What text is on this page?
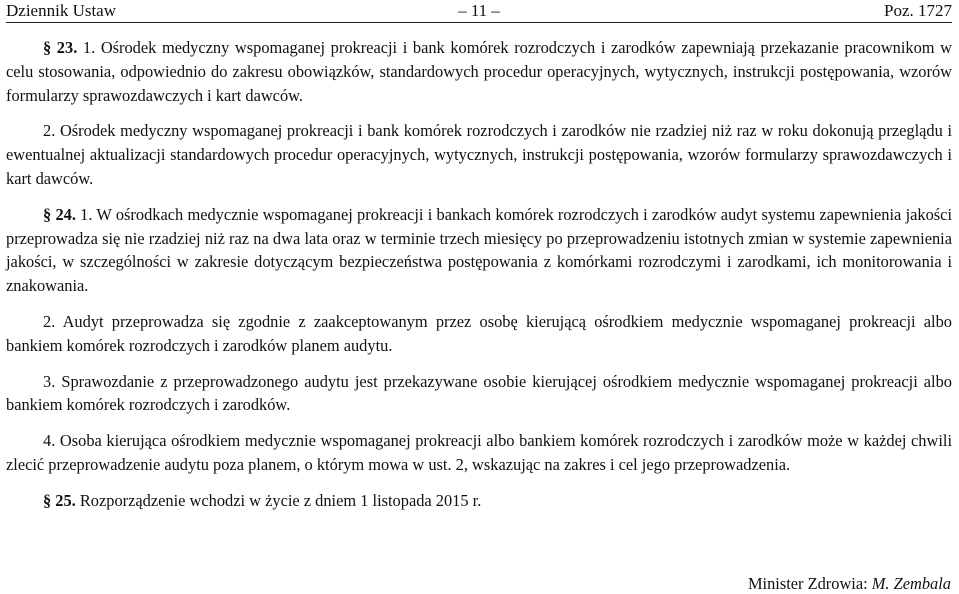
Dziennik Ustaw	– 11 –	Poz. 1727

§ 23. 1. Ośrodek medyczny wspomaganej prokreacji i bank komórek rozrodczych i zarodków zapewniają przekazanie pracownikom w celu stosowania, odpowiednio do zakresu obowiązków, standardowych procedur operacyjnych, wytycznych, instrukcji postępowania, wzorów formularzy sprawozdawczych i kart dawców.

2. Ośrodek medyczny wspomaganej prokreacji i bank komórek rozrodczych i zarodków nie rzadziej niż raz w roku dokonują przeglądu i ewentualnej aktualizacji standardowych procedur operacyjnych, wytycznych, instrukcji postępowania, wzorów formularzy sprawozdawczych i kart dawców.

§ 24. 1. W ośrodkach medycznie wspomaganej prokreacji i bankach komórek rozrodczych i zarodków audyt systemu zapewnienia jakości przeprowadza się nie rzadziej niż raz na dwa lata oraz w terminie trzech miesięcy po przeprowadzeniu istotnych zmian w systemie zapewnienia jakości, w szczególności w zakresie dotyczącym bezpieczeństwa postępowania z komórkami rozrodczymi i zarodkami, ich monitorowania i znakowania.

2. Audyt przeprowadza się zgodnie z zaakceptowanym przez osobę kierującą ośrodkiem medycznie wspomaganej prokreacji albo bankiem komórek rozrodczych i zarodków planem audytu.

3. Sprawozdanie z przeprowadzonego audytu jest przekazywane osobie kierującej ośrodkiem medycznie wspomaganej prokreacji albo bankiem komórek rozrodczych i zarodków.

4. Osoba kierująca ośrodkiem medycznie wspomaganej prokreacji albo bankiem komórek rozrodczych i zarodków może w każdej chwili zlecić przeprowadzenie audytu poza planem, o którym mowa w ust. 2, wskazując na zakres i cel jego przeprowadzenia.

§ 25. Rozporządzenie wchodzi w życie z dniem 1 listopada 2015 r.

Minister Zdrowia: M. Zembala
